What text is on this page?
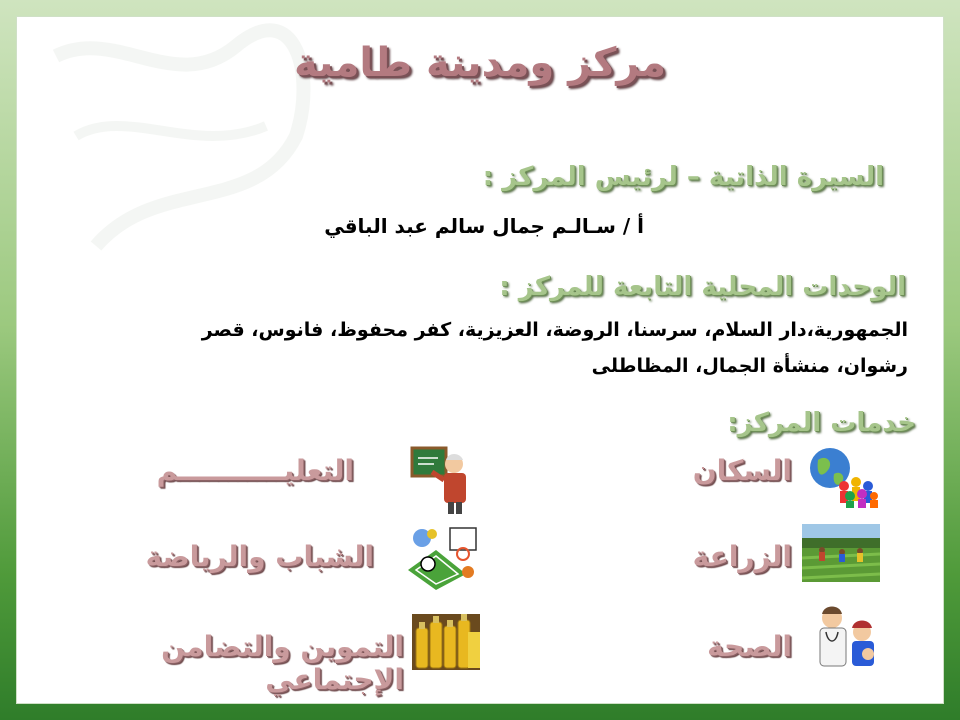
مركز ومدينة طامية
السيرة الذاتية – لرئيس المركز :
أ / سـالـم جمال سالم عبد الباقي
الوحدات المحلية التابعة للمركز :
الجمهورية،دار السلام، سرسنا، الروضة، العزيزية، كفر محفوظ، فانوس، قصر
رشوان، منشأة الجمال، المظاطلى
خدمات المركز:
السكان
التعليـــــــــــم
الزراعة
الشباب والرياضة
الصحة
التموين والتضامن الإجتماعي
